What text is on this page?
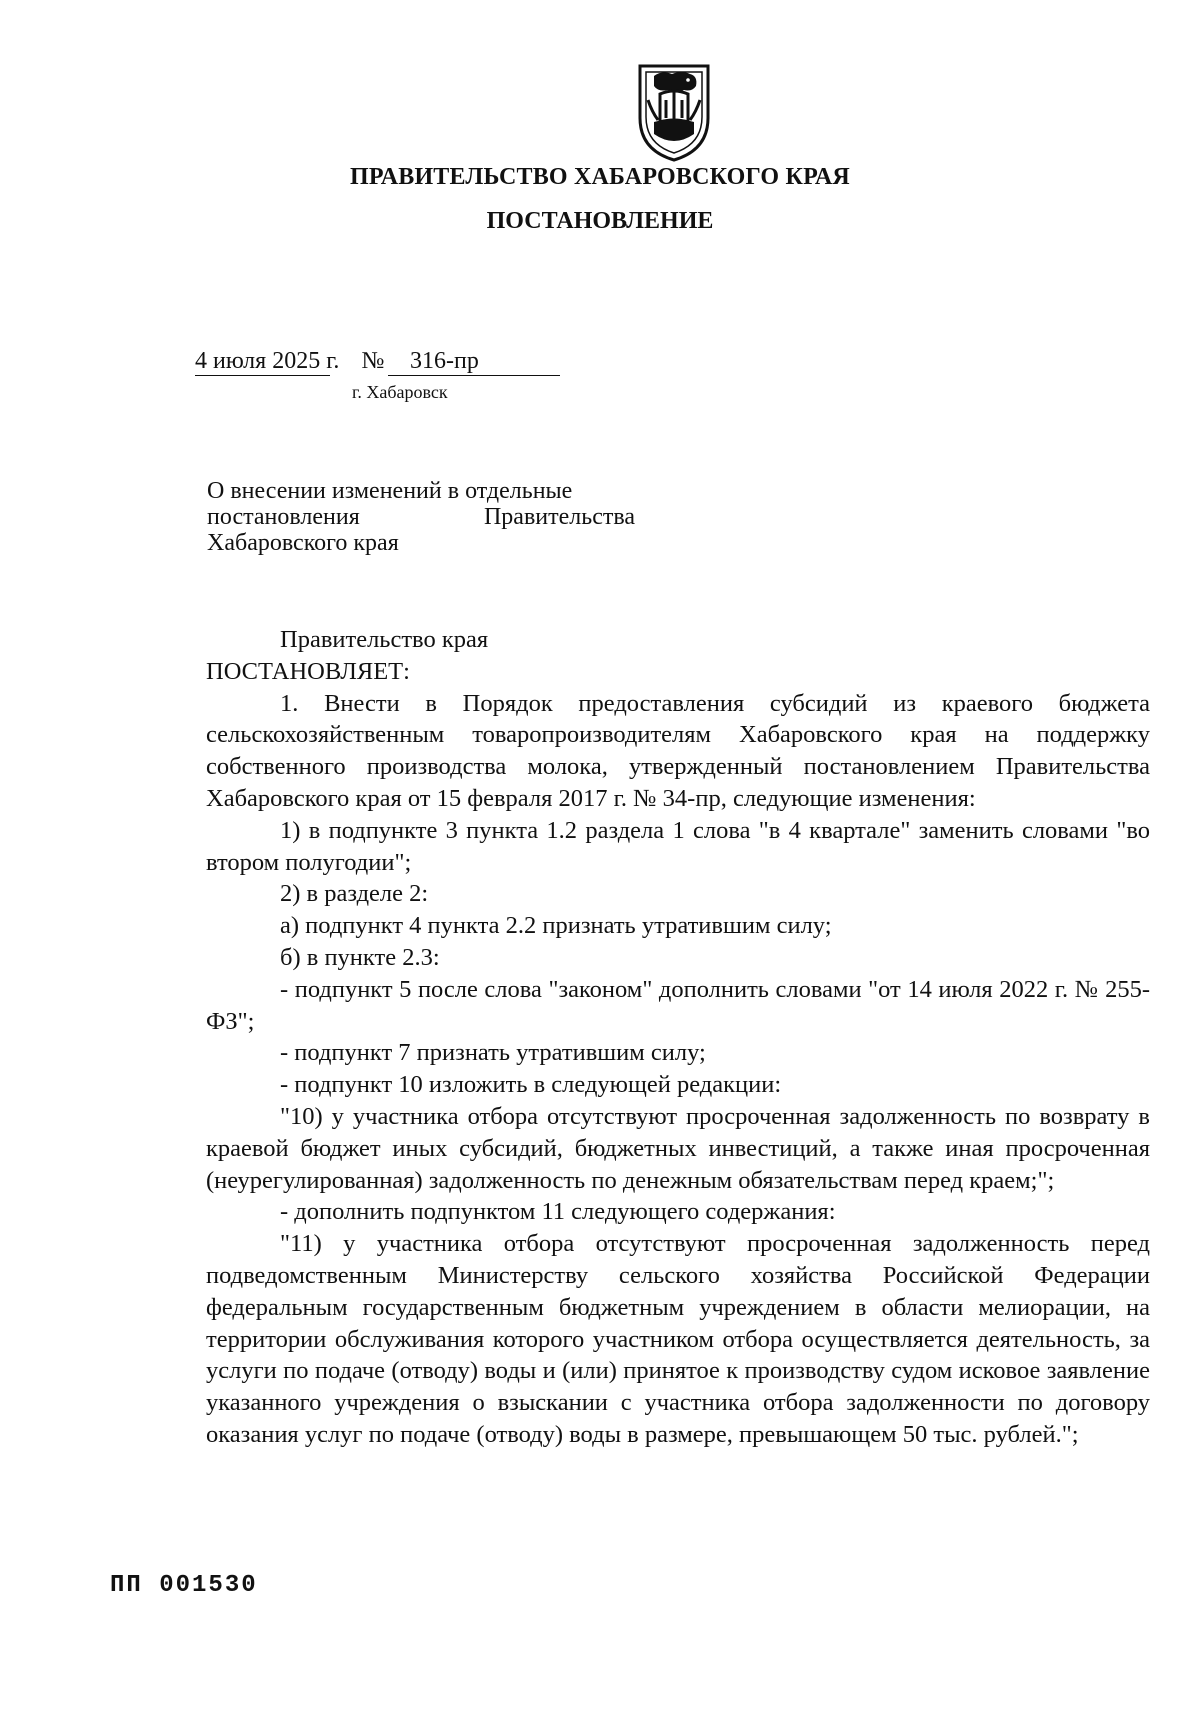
ПРАВИТЕЛЬСТВО ХАБАРОВСКОГО КРАЯ
ПОСТАНОВЛЕНИЕ
4 июля 2025 г. № 316-пр
г. Хабаровск
О внесении изменений в отдельные
постановления	Правительства
Хабаровского края

Правительство края

ПОСТАНОВЛЯЕТ:

1. Внести в Порядок предоставления субсидий из краевого бюджета сельскохозяйственным товаропроизводителям Хабаровского края на поддержку собственного производства молока, утвержденный постановлением Правительства Хабаровского края от 15 февраля 2017 г. № 34-пр, следующие изменения:

1) в подпункте 3 пункта 1.2 раздела 1 слова "в 4 квартале" заменить словами "во втором полугодии";

2) в разделе 2:

а) подпункт 4 пункта 2.2 признать утратившим силу;

б) в пункте 2.3:

- подпункт 5 после слова "законом" дополнить словами "от 14 июля 2022 г. № 255-ФЗ";

- подпункт 7 признать утратившим силу;

- подпункт 10 изложить в следующей редакции:

"10) у участника отбора отсутствуют просроченная задолженность по возврату в краевой бюджет иных субсидий, бюджетных инвестиций, а также иная просроченная (неурегулированная) задолженность по денежным обязательствам перед краем;";

- дополнить подпунктом 11 следующего содержания:

"11) у участника отбора отсутствуют просроченная задолженность перед подведомственным Министерству сельского хозяйства Российской Федерации федеральным государственным бюджетным учреждением в области мелиорации, на территории обслуживания которого участником отбора осуществляется деятельность, за услуги по подаче (отводу) воды и (или) принятое к производству судом исковое заявление указанного учреждения о взыскании с участника отбора задолженности по договору оказания услуг по подаче (отводу) воды в размере, превышающем 50 тыс. рублей.";

ПП 001530
